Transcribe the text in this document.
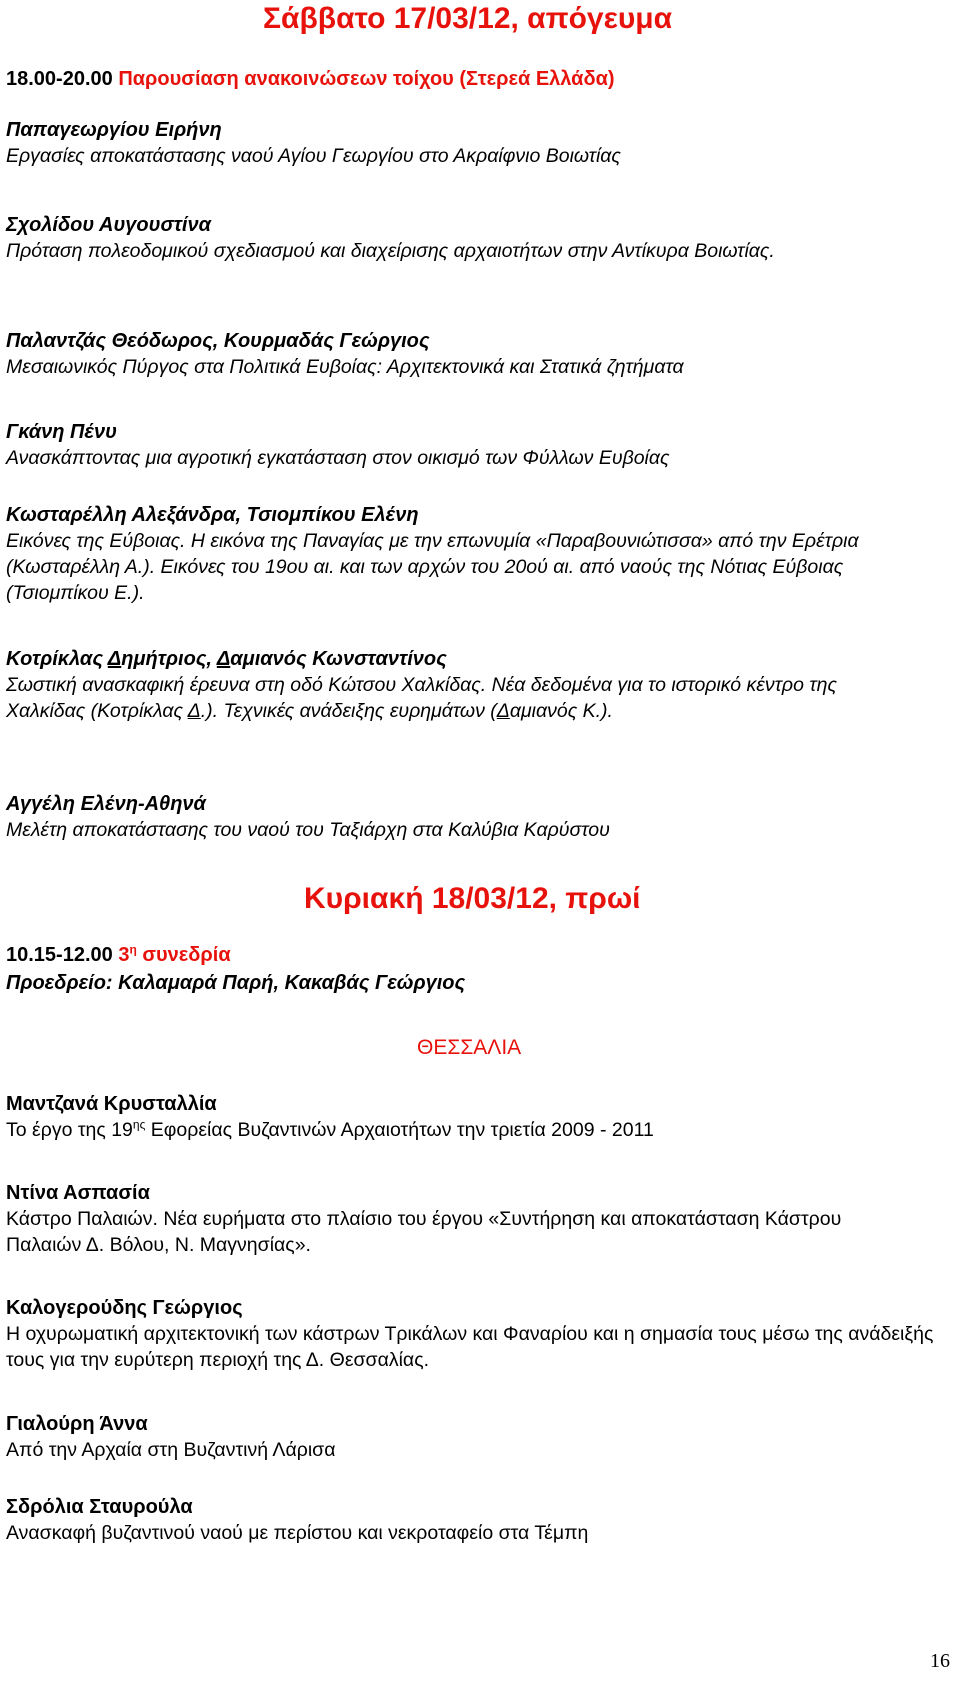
Σάββατο 17/03/12, απόγευμα
18.00-20.00 Παρουσίαση ανακοινώσεων τοίχου (Στερεά Ελλάδα)
Παπαγεωργίου Ειρήνη
Εργασίες αποκατάστασης ναού Αγίου Γεωργίου στο Ακραίφνιο Βοιωτίας
Σχολίδου Αυγουστίνα
Πρόταση πολεοδομικού σχεδιασμού και διαχείρισης αρχαιοτήτων στην Αντίκυρα Βοιωτίας.
Παλαντζάς Θεόδωρος, Κουρμαδάς Γεώργιος
Μεσαιωνικός Πύργος στα Πολιτικά Ευβοίας: Αρχιτεκτονικά και Στατικά ζητήματα
Γκάνη Πένυ
Ανασκάπτοντας μια αγροτική εγκατάσταση στον οικισμό των Φύλλων Ευβοίας
Κωσταρέλλη Αλεξάνδρα, Τσιομπίκου Ελένη
Εικόνες της Εύβοιας. Η εικόνα της Παναγίας με την επωνυμία «Παραβουνιώτισσα» από την Ερέτρια (Κωσταρέλλη Α.). Εικόνες του 19ου αι. και των αρχών του 20ού αι. από ναούς της Νότιας Εύβοιας (Τσιομπίκου Ε.).
Κοτρίκλας Δημήτριος, Δαμιανός Κωνσταντίνος
Σωστική ανασκαφική έρευνα στη οδό Κώτσου Χαλκίδας. Νέα δεδομένα για το ιστορικό κέντρο της Χαλκίδας (Κοτρίκλας Δ.). Τεχνικές ανάδειξης ευρημάτων (Δαμιανός Κ.).
Αγγέλη Ελένη-Αθηνά
Μελέτη αποκατάστασης του ναού του Ταξιάρχη στα Καλύβια Καρύστου
Κυριακή 18/03/12, πρωί
10.15-12.00 $3^\eta$ συνεδρία
Προεδρείο: Καλαμαρά Παρή, Κακαβάς Γεώργιος
ΘΕΣΣΑΛΙΑ
Μαντζανά Κρυσταλλία
Το έργο της $19^{\eta\varsigma}$ Εφορείας Βυζαντινών Αρχαιοτήτων την τριετία 2009 - 2011
Ντίνα Ασπασία
Κάστρο Παλαιών. Νέα ευρήματα στο πλαίσιο του έργου «Συντήρηση και αποκατάσταση Κάστρου Παλαιών Δ. Βόλου, Ν. Μαγνησίας».
Καλογερούδης Γεώργιος
Η οχυρωματική αρχιτεκτονική των κάστρων Τρικάλων και Φαναρίου και η σημασία τους μέσω της ανάδειξής τους για την ευρύτερη περιοχή της Δ. Θεσσαλίας.
Γιαλούρη Άννα
Από την Αρχαία στη Βυζαντινή Λάρισα
Σδρόλια Σταυρούλα
Ανασκαφή βυζαντινού ναού με περίστου και νεκροταφείο στα Τέμπη
16
